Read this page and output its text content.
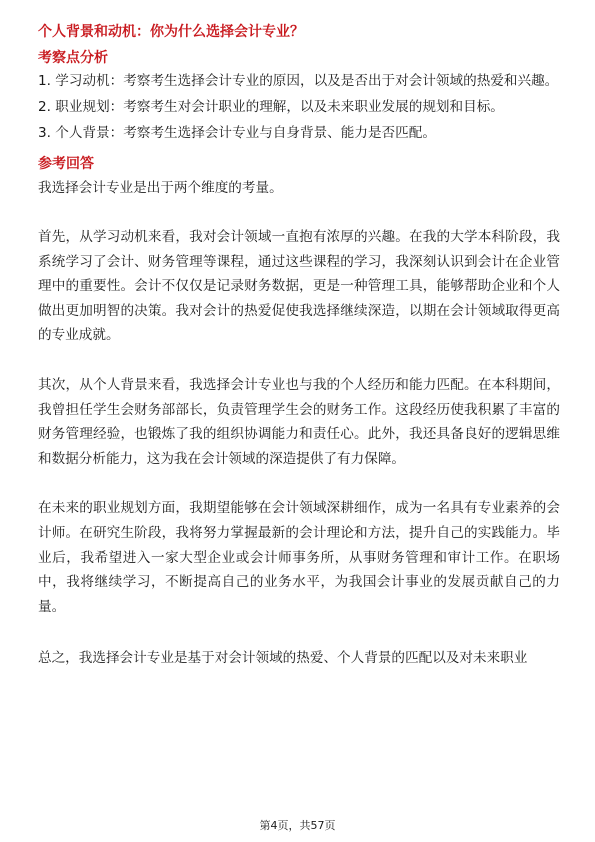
个人背景和动机：你为什么选择会计专业？
考察点分析

1. 学习动机：考察考生选择会计专业的原因，以及是否出于对会计领域的热爱和兴趣。

2. 职业规划：考察考生对会计职业的理解，以及未来职业发展的规划和目标。

3. 个人背景：考察考生选择会计专业与自身背景、能力是否匹配。

参考回答

我选择会计专业是出于两个维度的考量。

首先，从学习动机来看，我对会计领域一直抱有浓厚的兴趣。在我的大学本科阶段，我系统学习了会计、财务管理等课程，通过这些课程的学习，我深刻认识到会计在企业管理中的重要性。会计不仅仅是记录财务数据，更是一种管理工具，能够帮助企业和个人做出更加明智的决策。我对会计的热爱促使我选择继续深造，以期在会计领域取得更高的专业成就。

其次，从个人背景来看，我选择会计专业也与我的个人经历和能力匹配。在本科期间，我曾担任学生会财务部部长，负责管理学生会的财务工作。这段经历使我积累了丰富的财务管理经验，也锻炼了我的组织协调能力和责任心。此外，我还具备良好的逻辑思维和数据分析能力，这为我在会计领域的深造提供了有力保障。

在未来的职业规划方面，我期望能够在会计领域深耕细作，成为一名具有专业素养的会计师。在研究生阶段，我将努力掌握最新的会计理论和方法，提升自己的实践能力。毕业后，我希望进入一家大型企业或会计师事务所，从事财务管理和审计工作。在职场中，我将继续学习，不断提高自己的业务水平，为我国会计事业的发展贡献自己的力量。

总之，我选择会计专业是基于对会计领域的热爱、个人背景的匹配以及对未来职业

第4页，共57页
